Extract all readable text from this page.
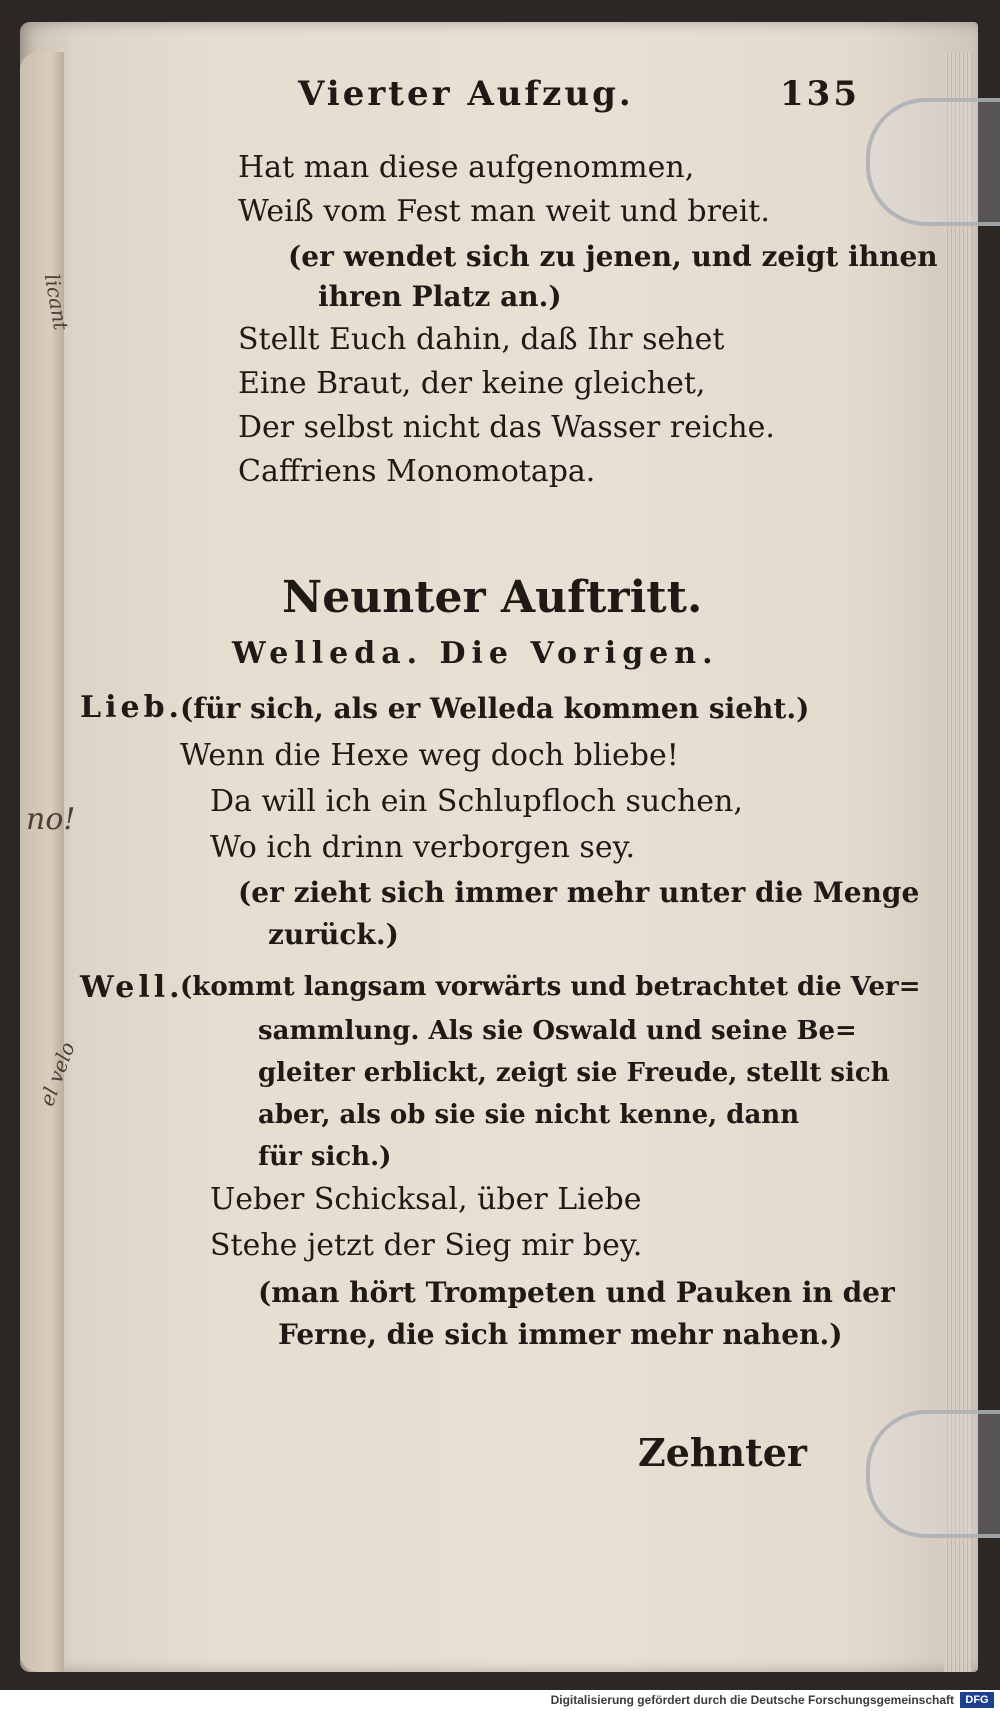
licant
no!
el velo
Vierter Aufzug.	135
Hat man diese aufgenommen,
Weiß vom Fest man weit und breit.
(er wendet sich zu jenen, und zeigt ihnen
ihren Platz an.)
Stellt Euch dahin, daß Ihr sehet
Eine Braut, der keine gleichet,
Der selbst nicht das Wasser reiche.
Caffriens Monomotapa.
Neunter Auftritt.
Welleda. Die Vorigen.
Lieb.
(für sich, als er Welleda kommen sieht.)
Wenn die Hexe weg doch bliebe!
Da will ich ein Schlupfloch suchen,
Wo ich drinn verborgen sey.
(er zieht sich immer mehr unter die Menge
zurück.)
Well.
(kommt langsam vorwärts und betrachtet die Ver=
sammlung. Als sie Oswald und seine Be=
gleiter erblickt, zeigt sie Freude, stellt sich
aber, als ob sie sie nicht kenne, dann
für sich.)
Ueber Schicksal, über Liebe
Stehe jetzt der Sieg mir bey.
(man hört Trompeten und Pauken in der
Ferne, die sich immer mehr nahen.)
Zehnter
Digitalisierung gefördert durch die Deutsche Forschungsgemeinschaft	DFG
